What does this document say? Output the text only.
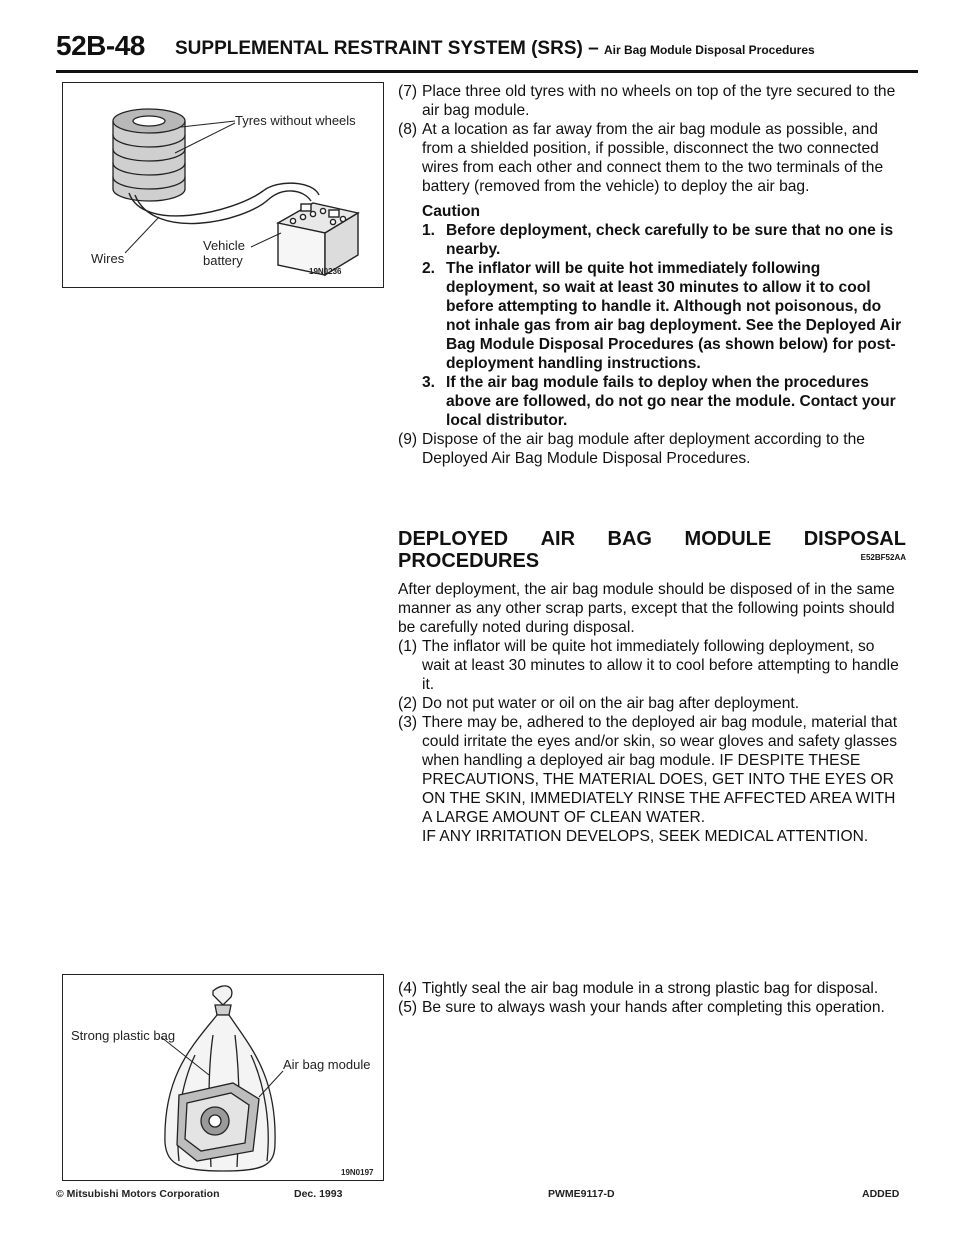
52B-48 SUPPLEMENTAL RESTRAINT SYSTEM (SRS) – Air Bag Module Disposal Procedures
Tyres without wheels
Vehicle
battery
Wires
19N0236
(7) Place three old tyres with no wheels on top of the tyre secured to the air bag module.
(8) At a location as far away from the air bag module as possible, and from a shielded position, if possible, disconnect the two connected wires from each other and connect them to the two terminals of the battery (removed from the vehicle) to deploy the air bag.
Caution
1. Before deployment, check carefully to be sure that no one is nearby.
2. The inflator will be quite hot immediately following deployment, so wait at least 30 minutes to allow it to cool before attempting to handle it. Although not poisonous, do not inhale gas from air bag deployment. See the Deployed Air Bag Module Disposal Procedures (as shown below) for post-deployment handling instructions.
3. If the air bag module fails to deploy when the procedures above are followed, do not go near the module. Contact your local distributor.
(9) Dispose of the air bag module after deployment according to the Deployed Air Bag Module Disposal Procedures.
DEPLOYED AIR BAG MODULE DISPOSAL
PROCEDURES	E52BF52AA
After deployment, the air bag module should be disposed of in the same manner as any other scrap parts, except that the following points should be carefully noted during disposal.
(1) The inflator will be quite hot immediately following deployment, so wait at least 30 minutes to allow it to cool before attempting to handle it.
(2) Do not put water or oil on the air bag after deployment.
(3) There may be, adhered to the deployed air bag module, material that could irritate the eyes and/or skin, so wear gloves and safety glasses when handling a deployed air bag module. IF DESPITE THESE PRECAUTIONS, THE MATERIAL DOES, GET INTO THE EYES OR ON THE SKIN, IMMEDIATELY RINSE THE AFFECTED AREA WITH A LARGE AMOUNT OF CLEAN WATER.
IF ANY IRRITATION DEVELOPS, SEEK MEDICAL ATTENTION.
Strong plastic bag
Air bag module
19N0197
(4) Tightly seal the air bag module in a strong plastic bag for disposal.
(5) Be sure to always wash your hands after completing this operation.
© Mitsubishi Motors Corporation	Dec. 1993	PWME9117-D	ADDED
